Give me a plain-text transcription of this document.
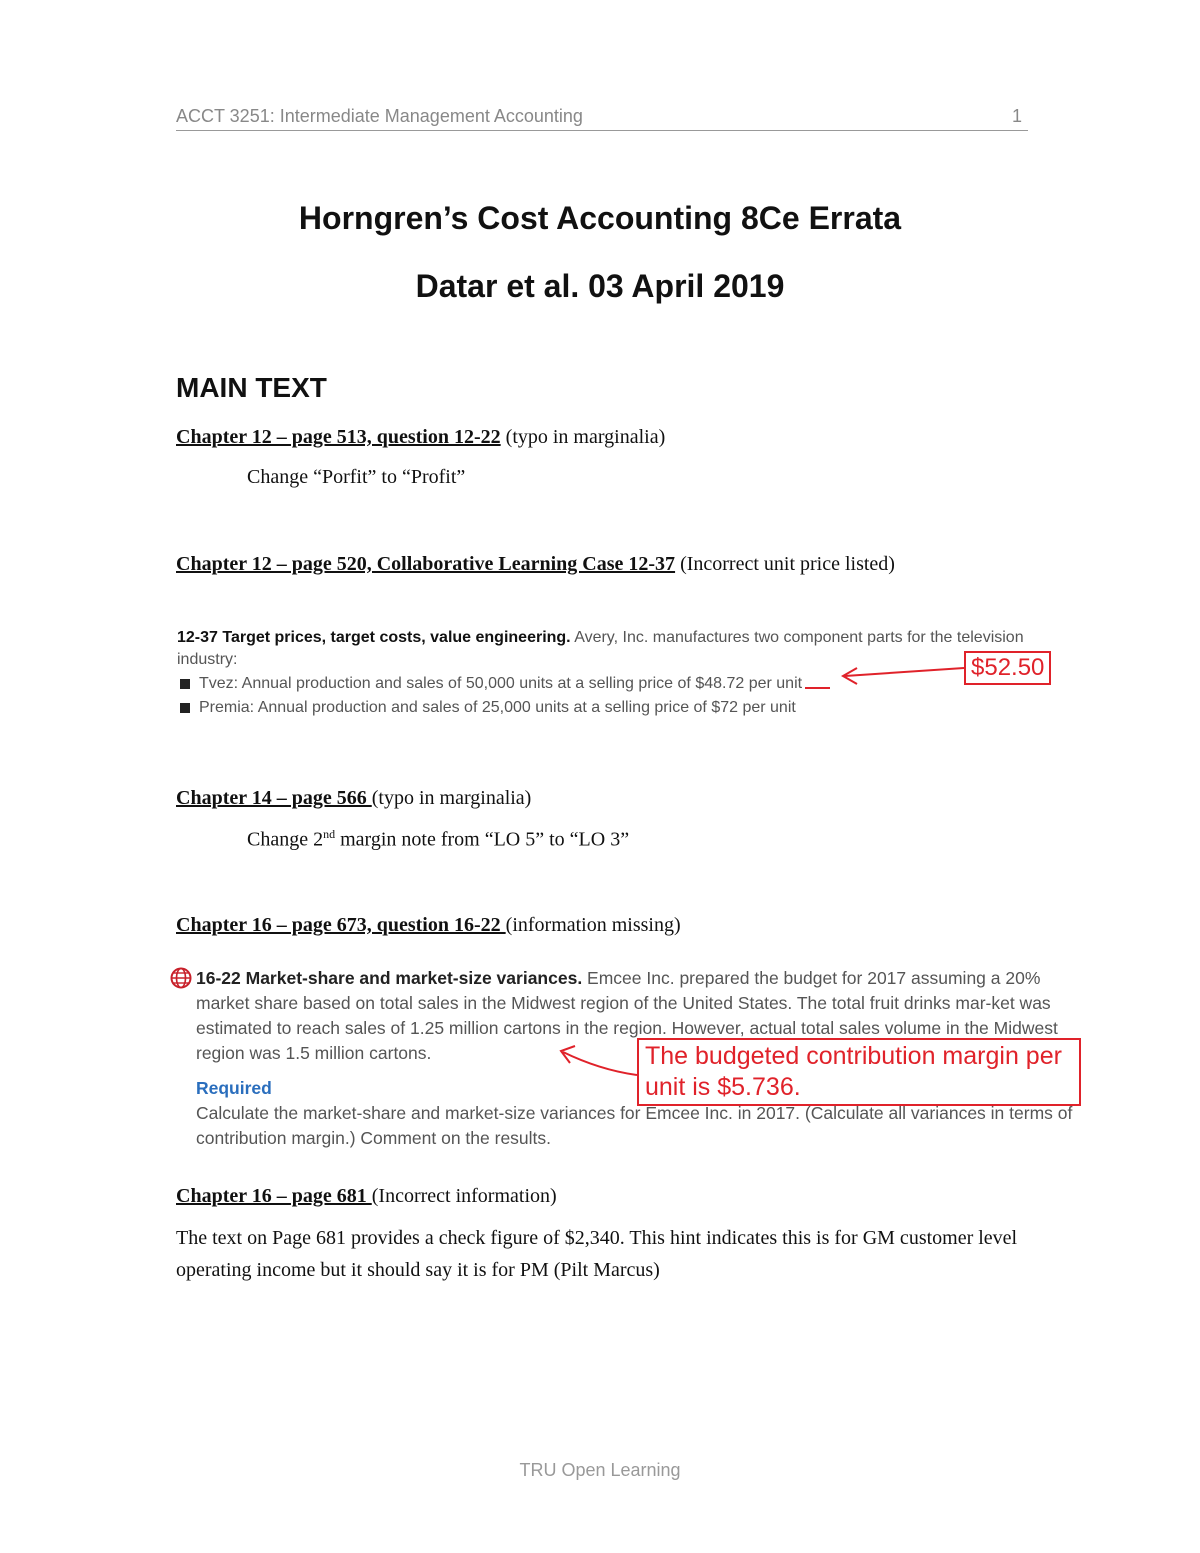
ACCT 3251: Intermediate Management Accounting	1
Horngren’s Cost Accounting 8Ce Errata
Datar et al. 03 April 2019
MAIN TEXT
Chapter 12 – page 513, question 12-22 (typo in marginalia)
Change “Porfit” to “Profit”
Chapter 12 – page 520, Collaborative Learning Case 12-37 (Incorrect unit price listed)
12-37 Target prices, target costs, value engineering. Avery, Inc. manufactures two component parts for the television industry:
Tvez: Annual production and sales of 50,000 units at a selling price of $48.72 per unit
Premia: Annual production and sales of 25,000 units at a selling price of $72 per unit
$52.50
Chapter 14 – page 566 (typo in marginalia)
Change 2nd margin note from “LO 5” to “LO 3”
Chapter 16 – page 673, question 16-22 (information missing)
16-22 Market-share and market-size variances. Emcee Inc. prepared the budget for 2017 assuming a 20% market share based on total sales in the Midwest region of the United States. The total fruit drinks mar-ket was estimated to reach sales of 1.25 million cartons in the region. However, actual total sales volume in the Midwest region was 1.5 million cartons.
Required
Calculate the market-share and market-size variances for Emcee Inc. in 2017. (Calculate all variances in terms of contribution margin.) Comment on the results.
The budgeted contribution margin per unit is $5.736.
Chapter 16 – page 681 (Incorrect information)
The text on Page 681 provides a check figure of $2,340. This hint indicates this is for GM customer level operating income but it should say it is for PM (Pilt Marcus)
TRU Open Learning
